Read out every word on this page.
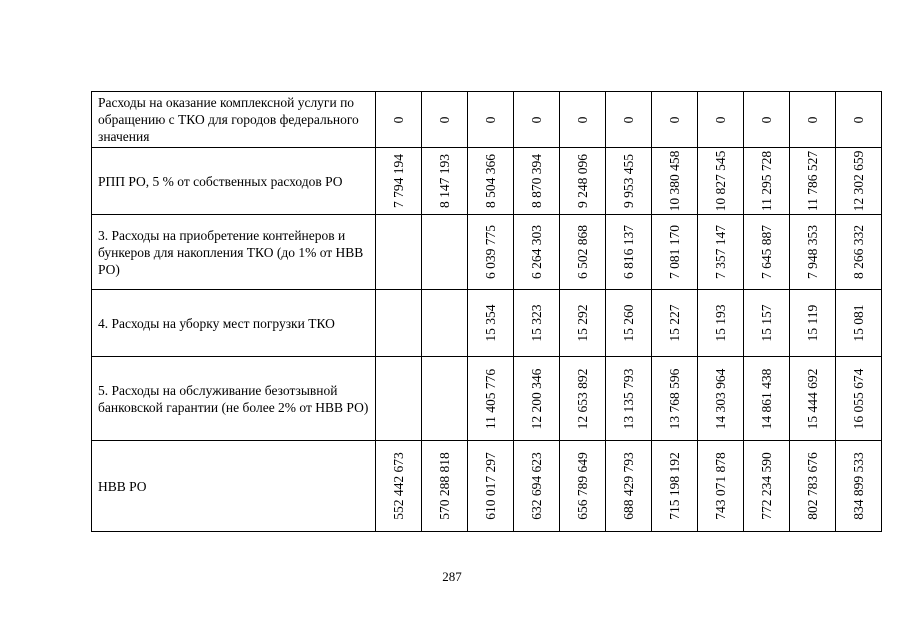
Расходы на оказание комплексной услуги по обращению с ТКО для городов федерального значения	0	0	0	0	0	0	0	0	0	0	0

РПП РО, 5 % от собственных расходов РО	7 794 194	8 147 193	8 504 366	8 870 394	9 248 096	9 953 455	10 380 458	10 827 545	11 295 728	11 786 527	12 302 659

3. Расходы на приобретение контейнеров и бункеров для накопления ТКО (до 1% от НВВ РО)			6 039 775	6 264 303	6 502 868	6 816 137	7 081 170	7 357 147	7 645 887	7 948 353	8 266 332

4. Расходы на уборку мест погрузки ТКО			15 354	15 323	15 292	15 260	15 227	15 193	15 157	15 119	15 081

5. Расходы на обслуживание безотзывной банковской гарантии (не более 2% от НВВ РО)			11 405 776	12 200 346	12 653 892	13 135 793	13 768 596	14 303 964	14 861 438	15 444 692	16 055 674

НВВ РО	552 442 673	570 288 818	610 017 297	632 694 623	656 789 649	688 429 793	715 198 192	743 071 878	772 234 590	802 783 676	834 899 533
287
